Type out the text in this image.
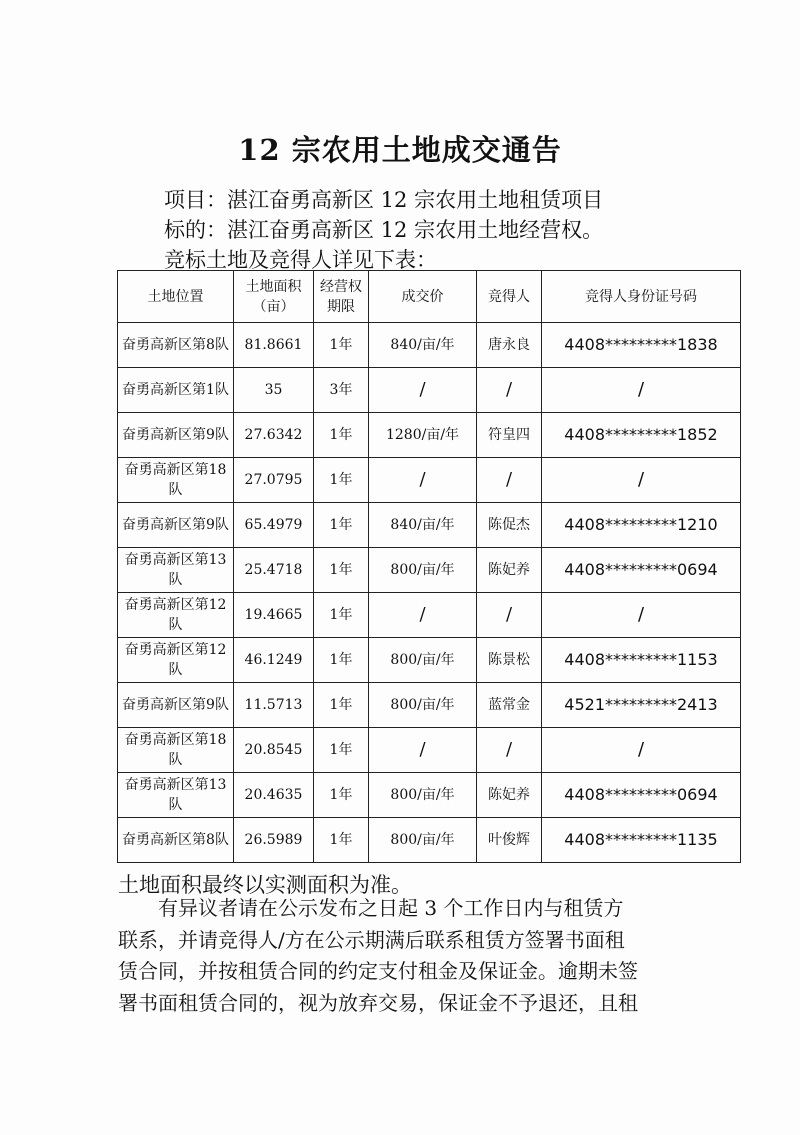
12 宗农用土地成交通告
项目：湛江奋勇高新区 12 宗农用土地租赁项目
标的：湛江奋勇高新区 12 宗农用土地经营权。
竞标土地及竞得人详见下表：
土地位置	土地面积（亩）	经营权期限	成交价	竞得人	竞得人身份证号码
奋勇高新区第8队	81.8661	1年	840/亩/年	唐永良	4408*********1838
奋勇高新区第1队	35	3年	/	/	/
奋勇高新区第9队	27.6342	1年	1280/亩/年	符皇四	4408*********1852
奋勇高新区第18队	27.0795	1年	/	/	/
奋勇高新区第9队	65.4979	1年	840/亩/年	陈促杰	4408*********1210
奋勇高新区第13队	25.4718	1年	800/亩/年	陈妃养	4408*********0694
奋勇高新区第12队	19.4665	1年	/	/	/
奋勇高新区第12队	46.1249	1年	800/亩/年	陈景松	4408*********1153
奋勇高新区第9队	11.5713	1年	800/亩/年	蓝常金	4521*********2413
奋勇高新区第18队	20.8545	1年	/	/	/
奋勇高新区第13队	20.4635	1年	800/亩/年	陈妃养	4408*********0694
奋勇高新区第8队	26.5989	1年	800/亩/年	叶俊辉	4408*********1135
土地面积最终以实测面积为准。
有异议者请在公示发布之日起 3 个工作日内与租赁方
联系，并请竞得人/方在公示期满后联系租赁方签署书面租
赁合同，并按租赁合同的约定支付租金及保证金。逾期未签
署书面租赁合同的，视为放弃交易，保证金不予退还，且租
